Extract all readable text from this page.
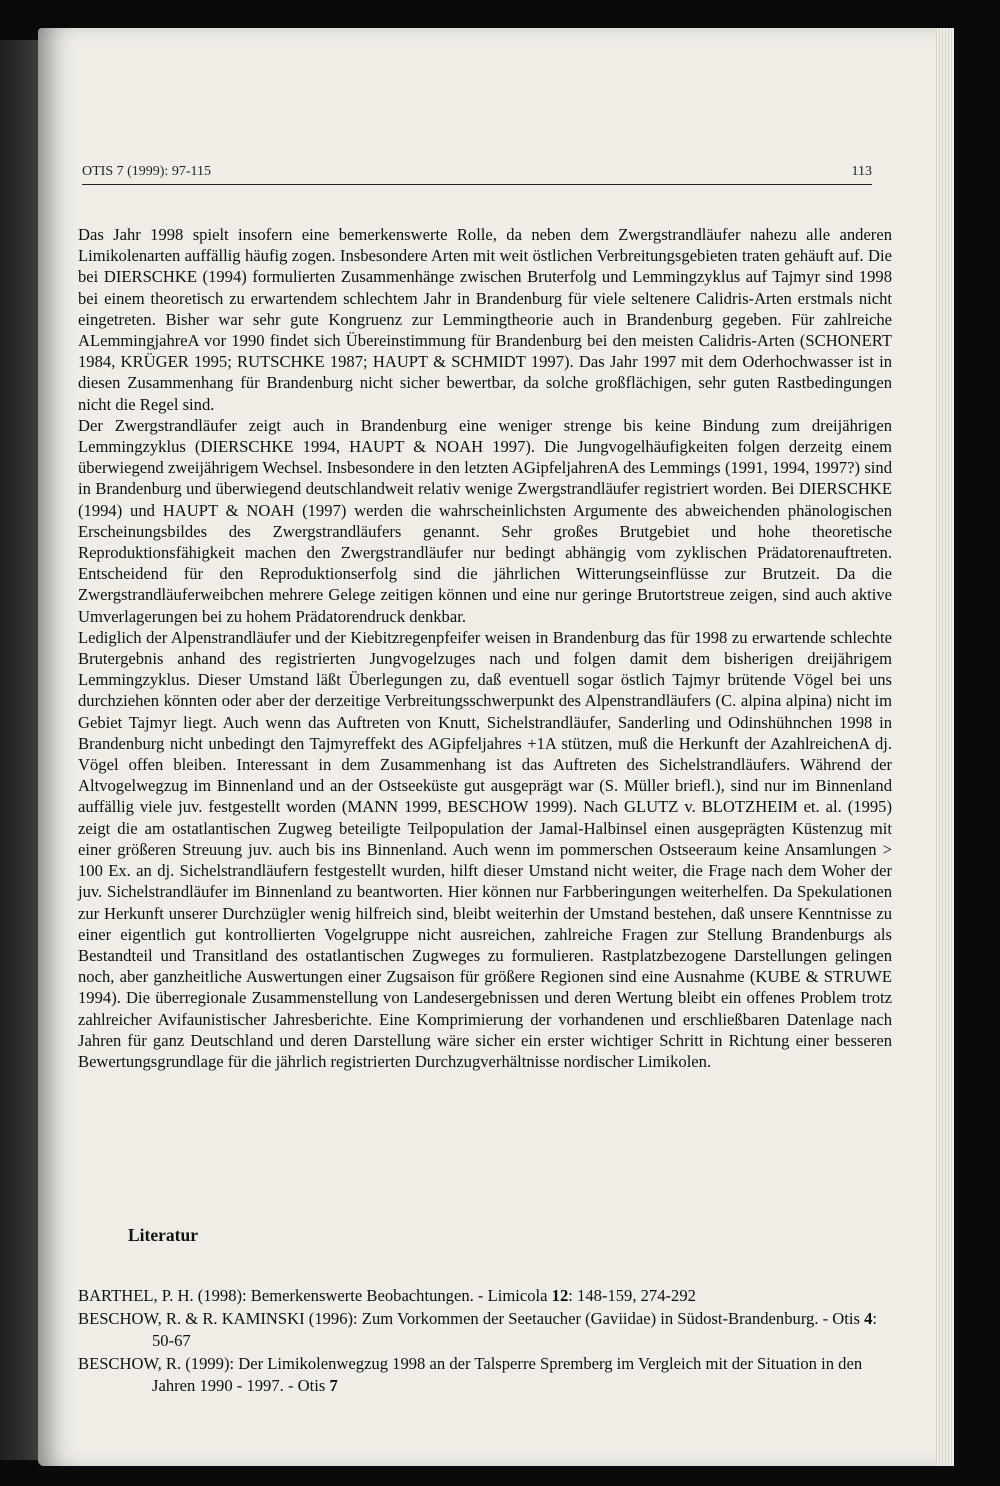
OTIS 7 (1999): 97-115	113

Das Jahr 1998 spielt insofern eine bemerkenswerte Rolle, da neben dem Zwergstrandläufer nahezu alle anderen Limikolenarten auffällig häufig zogen. Insbesondere Arten mit weit östlichen Verbreitungsgebieten traten gehäuft auf. Die bei DIERSCHKE (1994) formulierten Zusammenhänge zwischen Bruterfolg und Lemmingzyklus auf Tajmyr sind 1998 bei einem theoretisch zu erwartendem schlechtem Jahr in Brandenburg für viele seltenere Calidris-Arten erstmals nicht eingetreten. Bisher war sehr gute Kongruenz zur Lemmingtheorie auch in Brandenburg gegeben. Für zahlreiche ALemmingjahreA vor 1990 findet sich Übereinstimmung für Brandenburg bei den meisten Calidris-Arten (SCHONERT 1984, KRÜGER 1995; RUTSCHKE 1987; HAUPT & SCHMIDT 1997). Das Jahr 1997 mit dem Oderhochwasser ist in diesen Zusammenhang für Brandenburg nicht sicher bewertbar, da solche großflächigen, sehr guten Rastbedingungen nicht die Regel sind.

Der Zwergstrandläufer zeigt auch in Brandenburg eine weniger strenge bis keine Bindung zum dreijährigen Lemmingzyklus (DIERSCHKE 1994, HAUPT & NOAH 1997). Die Jungvogelhäufigkeiten folgen derzeitg einem überwiegend zweijährigem Wechsel. Insbesondere in den letzten AGipfeljahrenA des Lemmings (1991, 1994, 1997?) sind in Brandenburg und überwiegend deutschlandweit relativ wenige Zwergstrandläufer registriert worden. Bei DIERSCHKE (1994) und HAUPT & NOAH (1997) werden die wahrscheinlichsten Argumente des abweichenden phänologischen Erscheinungsbildes des Zwergstrandläufers genannt. Sehr großes Brutgebiet und hohe theoretische Reproduktionsfähigkeit machen den Zwergstrandläufer nur bedingt abhängig vom zyklischen Prädatorenauftreten. Entscheidend für den Reproduktionserfolg sind die jährlichen Witterungseinflüsse zur Brutzeit. Da die Zwergstrandläuferweibchen mehrere Gelege zeitigen können und eine nur geringe Brutortstreue zeigen, sind auch aktive Umverlagerungen bei zu hohem Prädatorendruck denkbar.

Lediglich der Alpenstrandläufer und der Kiebitzregenpfeifer weisen in Brandenburg das für 1998 zu erwartende schlechte Brutergebnis anhand des registrierten Jungvogelzuges nach und folgen damit dem bisherigen dreijährigem Lemmingzyklus. Dieser Umstand läßt Überlegungen zu, daß eventuell sogar östlich Tajmyr brütende Vögel bei uns durchziehen könnten oder aber der derzeitige Verbreitungsschwerpunkt des Alpenstrandläufers (C. alpina alpina) nicht im Gebiet Tajmyr liegt. Auch wenn das Auftreten von Knutt, Sichelstrandläufer, Sanderling und Odinshühnchen 1998 in Brandenburg nicht unbedingt den Tajmyreffekt des AGipfeljahres +1A stützen, muß die Herkunft der AzahlreichenA dj. Vögel offen bleiben. Interessant in dem Zusammenhang ist das Auftreten des Sichelstrandläufers. Während der Altvogelwegzug im Binnenland und an der Ostseeküste gut ausgeprägt war (S. Müller briefl.), sind nur im Binnenland auffällig viele juv. festgestellt worden (MANN 1999, BESCHOW 1999). Nach GLUTZ v. BLOTZHEIM et. al. (1995) zeigt die am ostatlantischen Zugweg beteiligte Teilpopulation der Jamal-Halbinsel einen ausgeprägten Küstenzug mit einer größeren Streuung juv. auch bis ins Binnenland. Auch wenn im pommerschen Ostseeraum keine Ansamlungen > 100 Ex. an dj. Sichelstrandläufern festgestellt wurden, hilft dieser Umstand nicht weiter, die Frage nach dem Woher der juv. Sichelstrandläufer im Binnenland zu beantworten. Hier können nur Farbberingungen weiterhelfen. Da Spekulationen zur Herkunft unserer Durchzügler wenig hilfreich sind, bleibt weiterhin der Umstand bestehen, daß unsere Kenntnisse zu einer eigentlich gut kontrollierten Vogelgruppe nicht ausreichen, zahlreiche Fragen zur Stellung Brandenburgs als Bestandteil und Transitland des ostatlantischen Zugweges zu formulieren. Rastplatzbezogene Darstellungen gelingen noch, aber ganzheitliche Auswertungen einer Zugsaison für größere Regionen sind eine Ausnahme (KUBE & STRUWE 1994). Die überregionale Zusammenstellung von Landesergebnissen und deren Wertung bleibt ein offenes Problem trotz zahlreicher Avifaunistischer Jahresberichte. Eine Komprimierung der vorhandenen und erschließbaren Datenlage nach Jahren für ganz Deutschland und deren Darstellung wäre sicher ein erster wichtiger Schritt in Richtung einer besseren Bewertungsgrundlage für die jährlich registrierten Durchzugverhältnisse nordischer Limikolen.

Literatur

BARTHEL, P. H. (1998): Bemerkenswerte Beobachtungen. - Limicola 12: 148-159, 274-292

BESCHOW, R. & R. KAMINSKI (1996): Zum Vorkommen der Seetaucher (Gaviidae) in Südost-Brandenburg. - Otis 4: 50-67

BESCHOW, R. (1999): Der Limikolenwegzug 1998 an der Talsperre Spremberg im Vergleich mit der Situation in den Jahren 1990 - 1997. - Otis 7
